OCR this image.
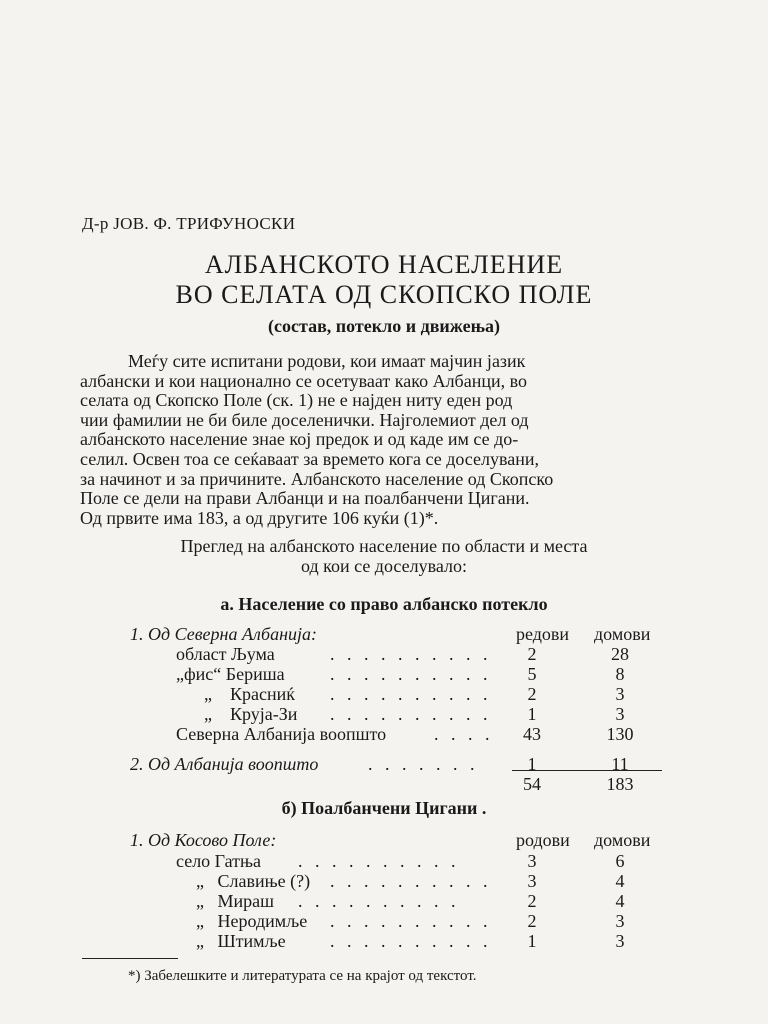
Д-р ЈОВ. Ф. ТРИФУНОСКИ
АЛБАНСКОТО НАСЕЛЕНИЕ
ВО СЕЛАТА ОД СКОПСКО ПОЛЕ
(состав, потекло и движења)
Меѓу сите испитани родови, кои имаат мајчин јазик
албански и кои национално се осетуваат како Албанци, во
селата од Скопско Поле (ск. 1) не е најден ниту еден род
чии фамилии не би биле доселенички. Најголемиот дел од
албанското население знае кој предок и од каде им се до-
селил. Освен тоа се сеќаваат за времето кога се доселувани,
за начинот и за причините. Албанското население од Скопско
Поле се дели на прави Албанци и на поалбанчени Цигани.
Од првите има 183, а од другите 106 куќи (1)*.
Преглед на албанското население по области и места
од кои се доселувало:
а. Население со право албанско потекло
1. Од Северна Албанија:	редови домови
област Љума	. . . . . . . . . .	2	28
„фис“ Бериша	. . . . . . . . . .	5	8
„    Красниќ . . . . . . . . . .	2	3
„    Круја-Зи . . . . . . . . . .	1	3
Северна Албанија воопшто	. . . .	43	130
2. Од Албанија воопшто	. . . . . . .	1	11
54	183
б) Поалбанчени Цигани .
1. Од Косово Поле:	родови домови
село Гатња . . . . . . . . . .	3	6
„   Славиње (?) . . . . . . . . . .	3	4
„   Мираш . . . . . . . . . .	2	4
„   Неродимље . . . . . . . . . .	2	3
„   Штимље . . . . . . . . . .	1	3
*) Забелешките и литературата се на крајот од текстот.
